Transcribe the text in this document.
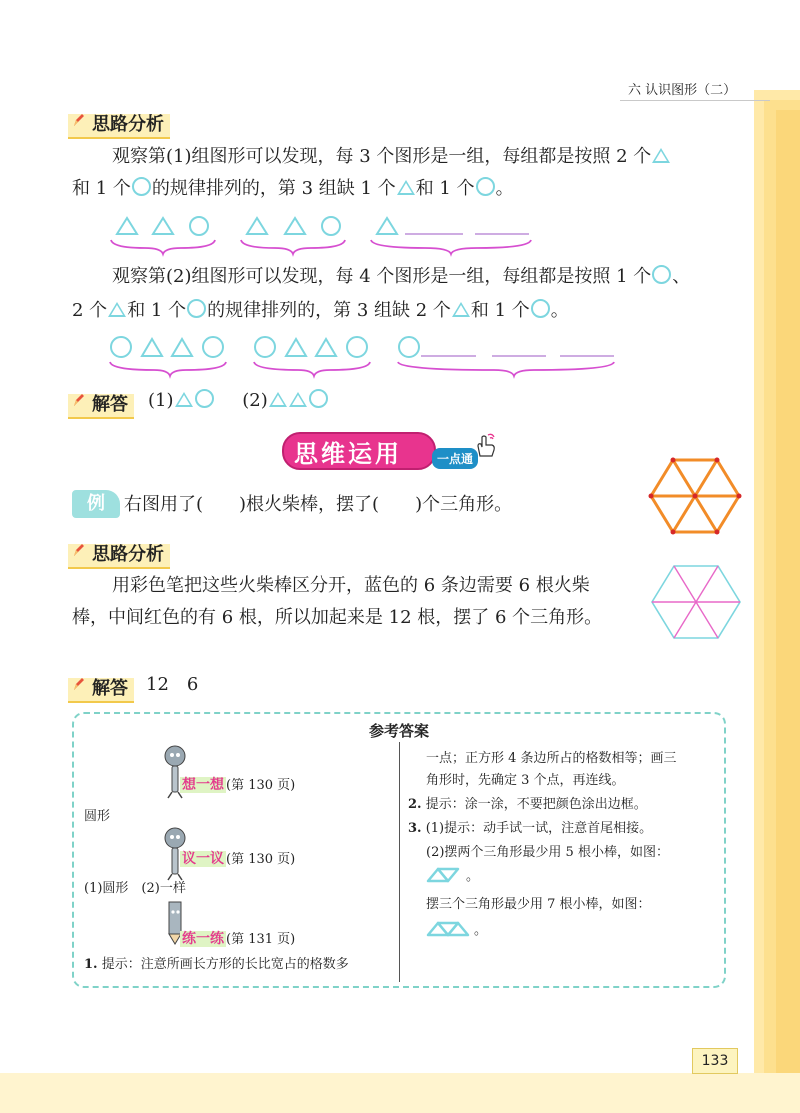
六 认识图形（二）
思路分析
观察第(1)组图形可以发现，每 3 个图形是一组，每组都是按照 2 个
和 1 个 的规律排列的，第 3 组缺 1 个 和 1 个 。
观察第(2)组图形可以发现，每 4 个图形是一组，每组都是按照 1 个 、
2 个 和 1 个 的规律排列的，第 3 组缺 2 个 和 1 个 。
解答	(1)	(2)
思维运用	一点通
例	右图用了(　　)根火柴棒，摆了(　　)个三角形。
思路分析
用彩色笔把这些火柴棒区分开，蓝色的 6 条边需要 6 根火柴棒，中间红色的有 6 根，所以加起来是 12 根，摆了 6 个三角形。
解答	12　6
参考答案
想一想 (第 130 页)
圆形
议一议 (第 130 页)
(1)圆形　(2)一样
练一练 (第 131 页)
1. 提示：注意所画长方形的长比宽占的格数多
一点；正方形 4 条边所占的格数相等；画三
角形时，先确定 3 个点，再连线。
2. 提示：涂一涂，不要把颜色涂出边框。
3. (1)提示：动手试一试，注意首尾相接。
(2)摆两个三角形最少用 5 根小棒，如图：
。
摆三个三角形最少用 7 根小棒，如图：
。
133
